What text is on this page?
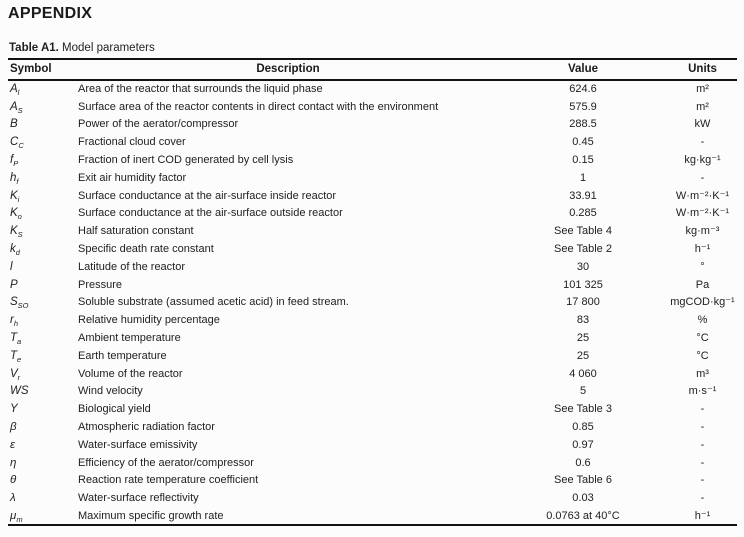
APPENDIX

Table A1. Model parameters

Symbol	Description	Value	Units
$A_l$	Area of the reactor that surrounds the liquid phase	624.6	m²
$A_S$	Surface area of the reactor contents in direct contact with the environment	575.9	m²
B	Power of the aerator/compressor	288.5	kW
$C_C$	Fractional cloud cover	0.45	-
$f_P$	Fraction of inert COD generated by cell lysis	0.15	kg·kg⁻¹
$h_f$	Exit air humidity factor	1	-
$K_i$	Surface conductance at the air-surface inside reactor	33.91	W·m⁻²·K⁻¹
$K_o$	Surface conductance at the air-surface outside reactor	0.285	W·m⁻²·K⁻¹
$K_S$	Half saturation constant	See Table 4	kg·m⁻³
$k_d$	Specific death rate constant	See Table 2	h⁻¹
l	Latitude of the reactor	30	°
P	Pressure	101 325	Pa
$S_{SO}$	Soluble substrate (assumed acetic acid) in feed stream.	17 800	mgCOD·kg⁻¹
$r_h$	Relative humidity percentage	83	%
$T_a$	Ambient temperature	25	°C
$T_e$	Earth temperature	25	°C
$V_r$	Volume of the reactor	4 060	m³
WS	Wind velocity	5	m·s⁻¹
Y	Biological yield	See Table 3	-
β	Atmospheric radiation factor	0.85	-
ε	Water-surface emissivity	0.97	-
η	Efficiency of the aerator/compressor	0.6	-
θ	Reaction rate temperature coefficient	See Table 6	-
λ	Water-surface reflectivity	0.03	-
$\mu_m$	Maximum specific growth rate	0.0763 at 40°C	h⁻¹
